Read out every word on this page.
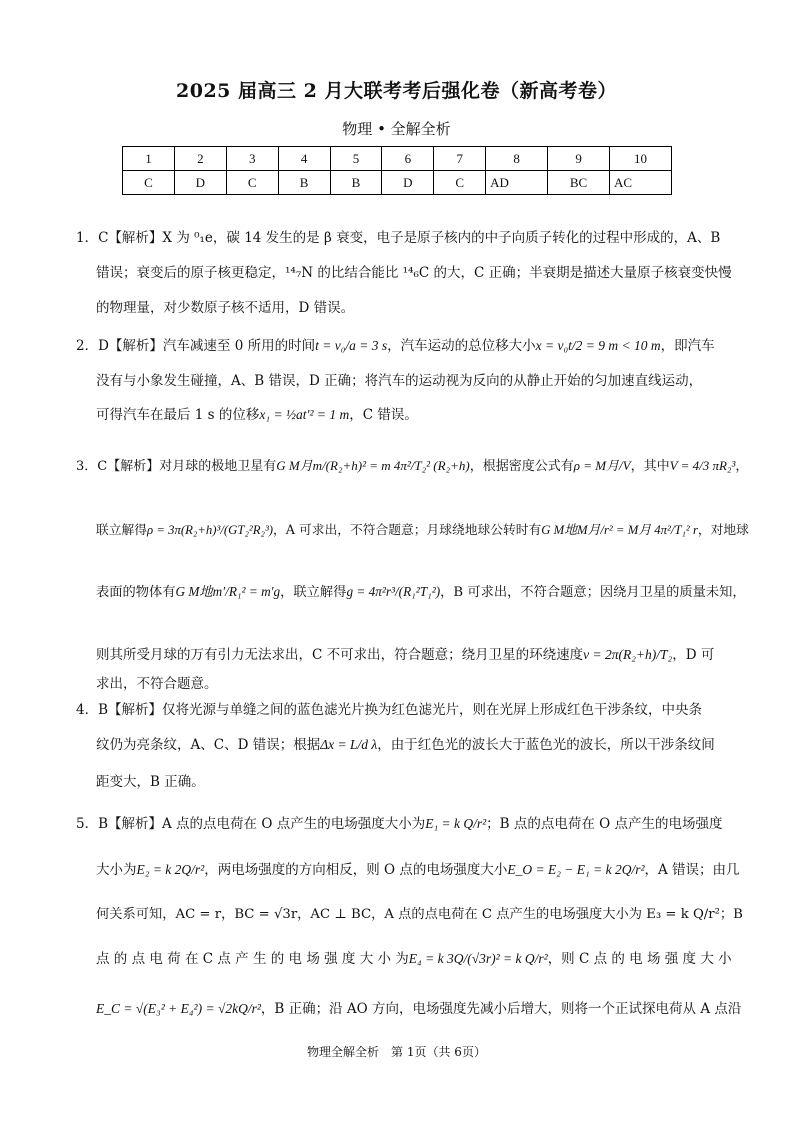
2025 届高三 2 月大联考考后强化卷（新高考卷）
物理 • 全解全析
1	2	3	4	5	6	7	8	9	10
C	D	C	B	B	D	C	AD	BC	AC
1．C【解析】X 为 ⁰₁e，碳 14 发生的是 β 衰变，电子是原子核内的中子向质子转化的过程中形成的，A、B
错误；衰变后的原子核更稳定，¹⁴₇N 的比结合能比 ¹⁴₆C 的大，C 正确；半衰期是描述大量原子核衰变快慢
的物理量，对少数原子核不适用，D 错误。
2．D【解析】汽车减速至 0 所用的时间t = v₀/a = 3 s，汽车运动的总位移大小x = v₀t/2 = 9 m < 10 m，即汽车
没有与小象发生碰撞，A、B 错误，D 正确；将汽车的运动视为反向的从静止开始的匀加速直线运动，
可得汽车在最后 1 s 的位移x₁ = ½at′² = 1 m，C 错误。
3．C【解析】对月球的极地卫星有G M月m/(R₂+h)² = m 4π²/T₂² (R₂+h)，根据密度公式有ρ = M月/V，其中V = 4/3 πR₂³，
联立解得ρ = 3π(R₂+h)³/(GT₂²R₂³)，A 可求出，不符合题意；月球绕地球公转时有G M地M月/r² = M月 4π²/T₁² r，对地球
表面的物体有G M地m′/R₁² = m′g，联立解得g = 4π²r³/(R₁²T₁²)，B 可求出，不符合题意；因绕月卫星的质量未知，
则其所受月球的万有引力无法求出，C 不可求出，符合题意；绕月卫星的环绕速度v = 2π(R₂+h)/T₂，D 可
求出，不符合题意。
4．B【解析】仅将光源与单缝之间的蓝色滤光片换为红色滤光片，则在光屏上形成红色干涉条纹，中央条
纹仍为亮条纹，A、C、D 错误；根据Δx = L/d λ，由于红色光的波长大于蓝色光的波长，所以干涉条纹间
距变大，B 正确。
5．B【解析】A 点的点电荷在 O 点产生的电场强度大小为E₁ = k Q/r²；B 点的点电荷在 O 点产生的电场强度
大小为E₂ = k 2Q/r²，两电场强度的方向相反，则 O 点的电场强度大小E_O = E₂ − E₁ = k 2Q/r²，A 错误；由几
何关系可知，AC = r，BC = √3r，AC ⊥ BC，A 点的点电荷在 C 点产生的电场强度大小为 E₃ = k Q/r²；B
点 的 点 电 荷 在 C 点 产 生 的 电 场 强 度 大 小 为E₄ = k 3Q/(√3r)² = k Q/r²，则 C 点 的 电 场 强 度 大 小
E_C = √(E₃² + E₄²) = √2kQ/r²，B 正确；沿 AO 方向，电场强度先减小后增大，则将一个正试探电荷从 A 点沿
物理全解全析　第 1页（共 6页）
